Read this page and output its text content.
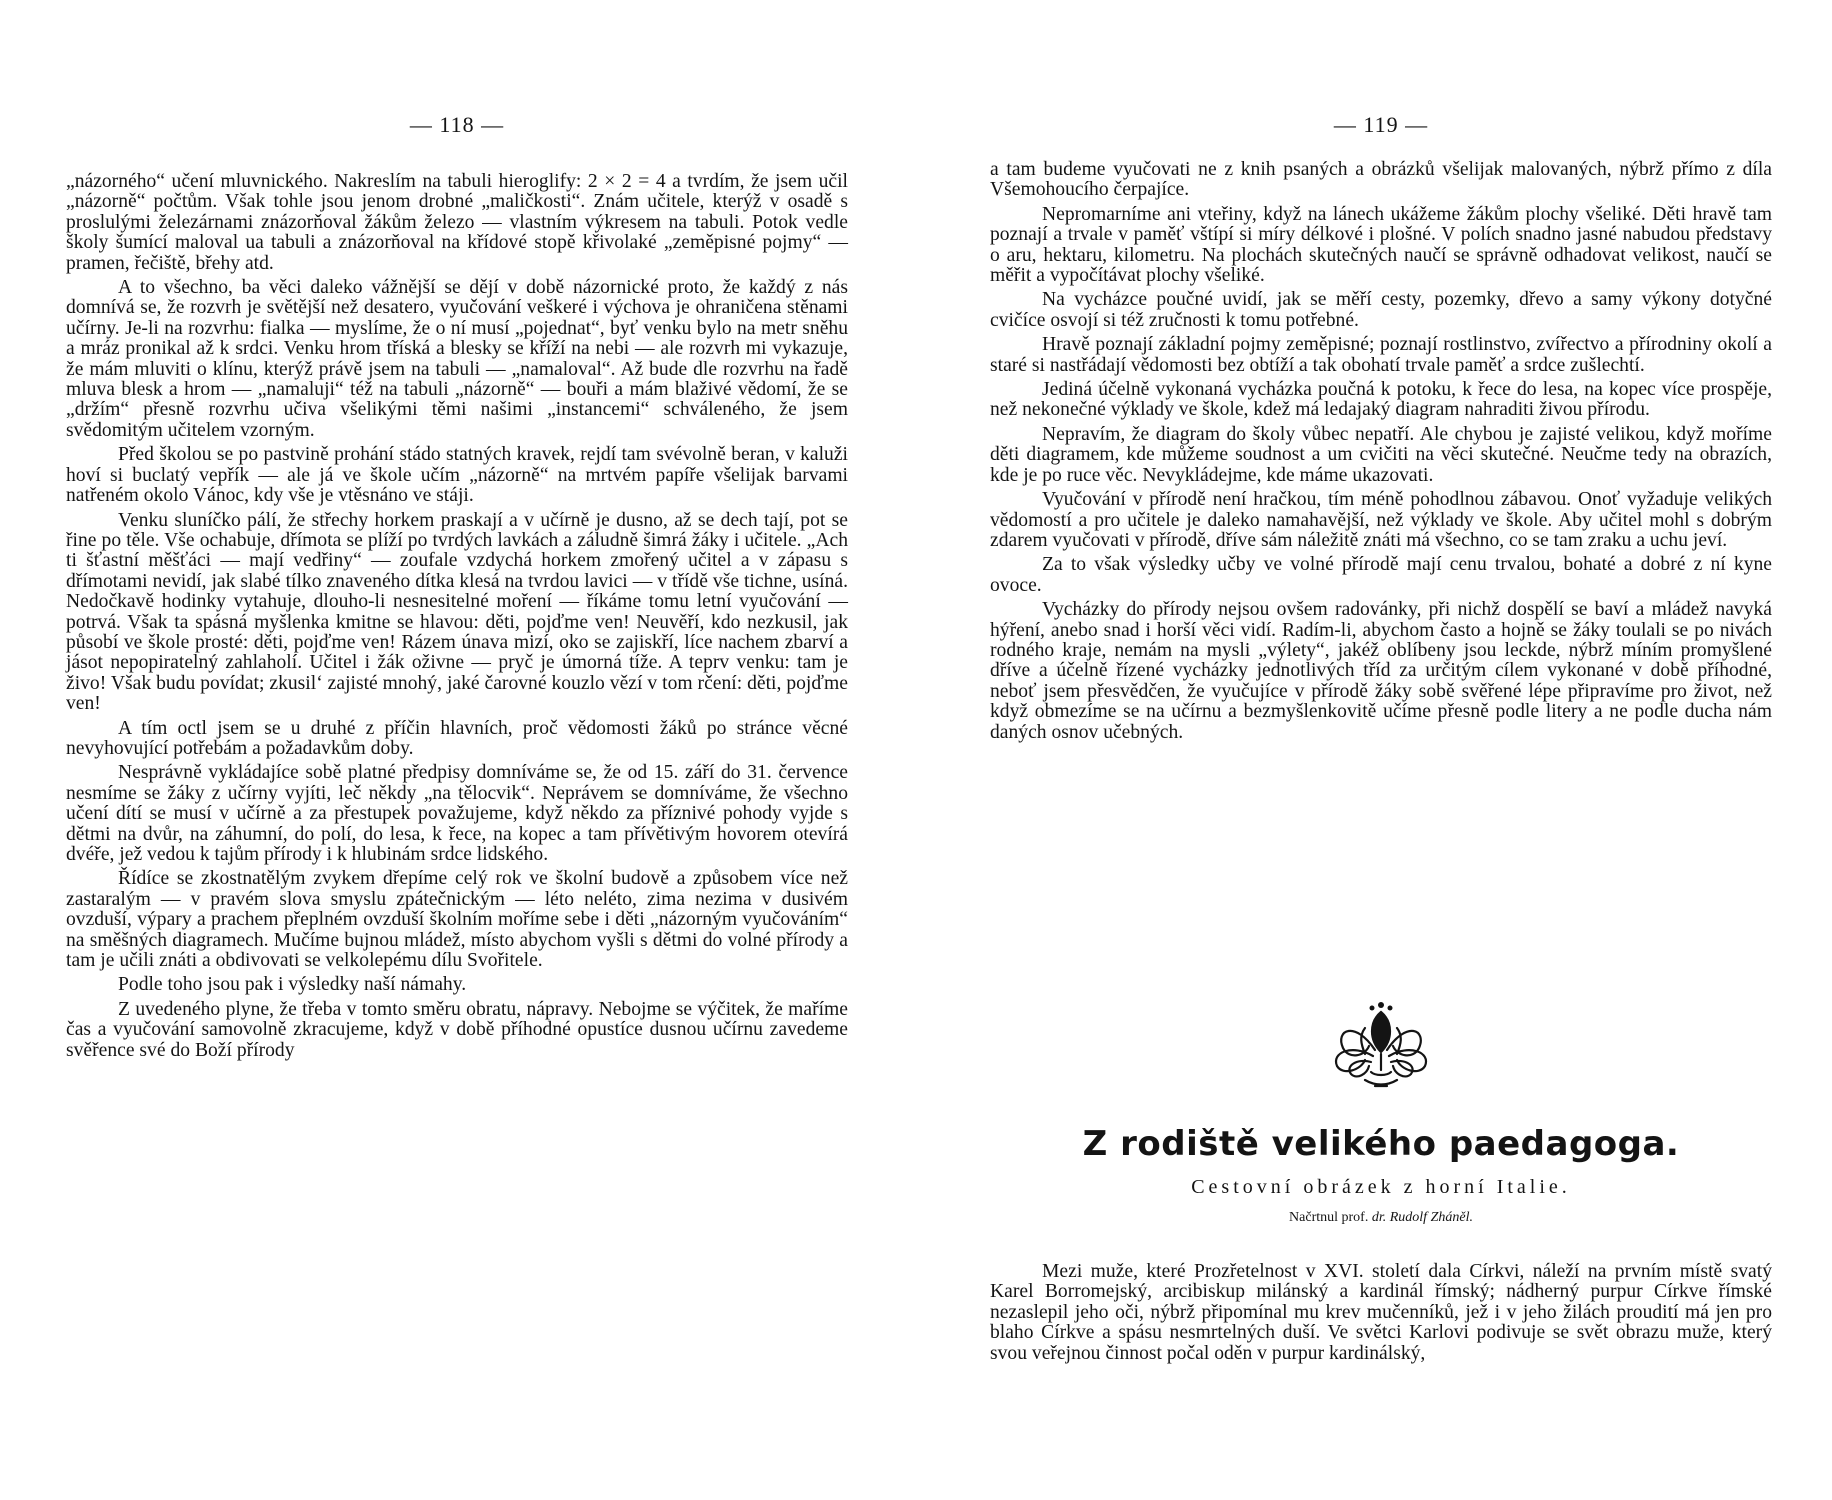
— 118 —

„názorného“ učení mluvnického. Nakreslím na tabuli hieroglify: 2 × 2 = 4 a tvrdím, že jsem učil „názorně“ počtům. Však tohle jsou jenom drobné „maličkosti“. Znám učitele, kterýž v osadě s proslulými železárnami znázorňoval žákům železo — vlastním výkresem na tabuli. Potok vedle školy šumící maloval ua tabuli a znázorňoval na křídové stopě křivolaké „zeměpisné pojmy“ — pramen, řečiště, břehy atd.

A to všechno, ba věci daleko vážnější se dějí v době názornické proto, že každý z nás domnívá se, že rozvrh je světější než desatero, vyučování veškeré i výchova je ohraničena stěnami učírny. Je-li na rozvrhu: fialka — myslíme, že o ní musí „pojednat“, byť venku bylo na metr sněhu a mráz pronikal až k srdci. Venku hrom tříská a blesky se kříží na nebi — ale rozvrh mi vykazuje, že mám mluviti o klínu, kterýž právě jsem na tabuli — „namaloval“. Až bude dle rozvrhu na řadě mluva blesk a hrom — „namaluji“ též na tabuli „názorně“ — bouři a mám blaživé vědomí, že se „držím“ přesně rozvrhu učiva všelikými těmi našimi „instancemi“ schváleného, že jsem svědomitým učitelem vzorným.

Před školou se po pastvině prohání stádo statných kravek, rejdí tam svévolně beran, v kaluži hoví si buclatý vepřík — ale já ve škole učím „názorně“ na mrtvém papíře všelijak barvami natřeném okolo Vánoc, kdy vše je vtěsnáno ve stáji.

Venku sluníčko pálí, že střechy horkem praskají a v učírně je dusno, až se dech tají, pot se řine po těle. Vše ochabuje, dřímota se plíží po tvrdých lavkách a záludně šimrá žáky i učitele. „Ach ti šťastní měšťáci — mají vedřiny“ — zoufale vzdychá horkem zmořený učitel a v zápasu s dřímotami nevidí, jak slabé tílko znaveného dítka klesá na tvrdou lavici — v třídě vše tichne, usíná. Nedočkavě hodinky vytahuje, dlouho-li nesnesitelné moření — říkáme tomu letní vyučování — potrvá. Však ta spásná myšlenka kmitne se hlavou: děti, pojďme ven! Neuvěří, kdo nezkusil, jak působí ve škole prosté: děti, pojďme ven! Rázem únava mizí, oko se zajiskří, líce nachem zbarví a jásot nepopiratelný zahlaholí. Učitel i žák oživne — pryč je úmorná tíže. A teprv venku: tam je živo! Však budu povídat; zkusil‘ zajisté mnohý, jaké čarovné kouzlo vězí v tom rčení: děti, pojďme ven!

A tím octl jsem se u druhé z příčin hlavních, proč vědomosti žáků po stránce věcné nevyhovující potřebám a požadavkům doby.

Nesprávně vykládajíce sobě platné předpisy domníváme se, že od 15. září do 31. července nesmíme se žáky z učírny vyjíti, leč někdy „na tělocvik“. Neprávem se domníváme, že všechno učení dítí se musí v učírně a za přestupek považujeme, když někdo za příznivé pohody vyjde s dětmi na dvůr, na záhumní, do polí, do lesa, k řece, na kopec a tam přívětivým hovorem otevírá dvéře, jež vedou k tajům přírody i k hlubinám srdce lidského.

Řídíce se zkostnatělým zvykem dřepíme celý rok ve školní budově a způsobem více než zastaralým — v pravém slova smyslu zpátečnickým — léto neléto, zima nezima v dusivém ovzduší, výpary a prachem přeplném ovzduší školním moříme sebe i děti „názorným vyučováním“ na směšných diagramech. Mučíme bujnou mládež, místo abychom vyšli s dětmi do volné přírody a tam je učili znáti a obdivovati se velkolepému dílu Svořitele.

Podle toho jsou pak i výsledky naší námahy.

Z uvedeného plyne, že třeba v tomto směru obratu, nápravy. Nebojme se výčitek, že maříme čas a vyučování samovolně zkracujeme, když v době příhodné opustíce dusnou učírnu zavedeme svěřence své do Boží přírody

— 119 —

a tam budeme vyučovati ne z knih psaných a obrázků všelijak malovaných, nýbrž přímo z díla Všemohoucího čerpajíce.

Nepromarníme ani vteřiny, když na lánech ukážeme žákům plochy všeliké. Děti hravě tam poznají a trvale v paměť vštípí si míry délkové i plošné. V polích snadno jasné nabudou představy o aru, hektaru, kilometru. Na plochách skutečných naučí se správně odhadovat velikost, naučí se měřit a vypočítávat plochy všeliké.

Na vycházce poučné uvidí, jak se měří cesty, pozemky, dřevo a samy výkony dotyčné cvičíce osvojí si též zručnosti k tomu potřebné.

Hravě poznají základní pojmy zeměpisné; poznají rostlinstvo, zvířectvo a přírodniny okolí a staré si nastřádají vědomosti bez obtíží a tak obohatí trvale paměť a srdce zušlechtí.

Jediná účelně vykonaná vycházka poučná k potoku, k řece do lesa, na kopec více prospěje, než nekonečné výklady ve škole, kdež má ledajaký diagram nahraditi živou přírodu.

Nepravím, že diagram do školy vůbec nepatří. Ale chybou je zajisté velikou, když moříme děti diagramem, kde můžeme soudnost a um cvičiti na věci skutečné. Neučme tedy na obrazích, kde je po ruce věc. Nevykládejme, kde máme ukazovati.

Vyučování v přírodě není hračkou, tím méně pohodlnou zábavou. Onoť vyžaduje velikých vědomostí a pro učitele je daleko namahavější, než výklady ve škole. Aby učitel mohl s dobrým zdarem vyučovati v přírodě, dříve sám náležitě znáti má všechno, co se tam zraku a uchu jeví.

Za to však výsledky učby ve volné přírodě mají cenu trvalou, bohaté a dobré z ní kyne ovoce.

Vycházky do přírody nejsou ovšem radovánky, při nichž dospělí se baví a mládež navyká hýření, anebo snad i horší věci vidí. Radím-li, abychom často a hojně se žáky toulali se po nivách rodného kraje, nemám na mysli „výlety“, jakéž oblíbeny jsou leckde, nýbrž míním promyšlené dříve a účelně řízené vycházky jednotlivých tříd za určitým cílem vykonané v době příhodné, neboť jsem přesvědčen, že vyučujíce v přírodě žáky sobě svěřené lépe připravíme pro život, než když obmezíme se na učírnu a bezmyšlenkovitě učíme přesně podle litery a ne podle ducha nám daných osnov učebných.

Z rodiště velikého paedagoga.
Cestovní obrázek z horní Italie.
Načrtnul prof. dr. Rudolf Zháněl.

Mezi muže, které Prozřetelnost v XVI. století dala Církvi, náleží na prvním místě svatý Karel Borromejský, arcibiskup milánský a kardinál římský; nádherný purpur Církve římské nezaslepil jeho oči, nýbrž připomínal mu krev mučenníků, jež i v jeho žilách proudití má jen pro blaho Církve a spásu nesmrtelných duší. Ve světci Karlovi podivuje se svět obrazu muže, který svou veřejnou činnost počal oděn v purpur kardinálský,
